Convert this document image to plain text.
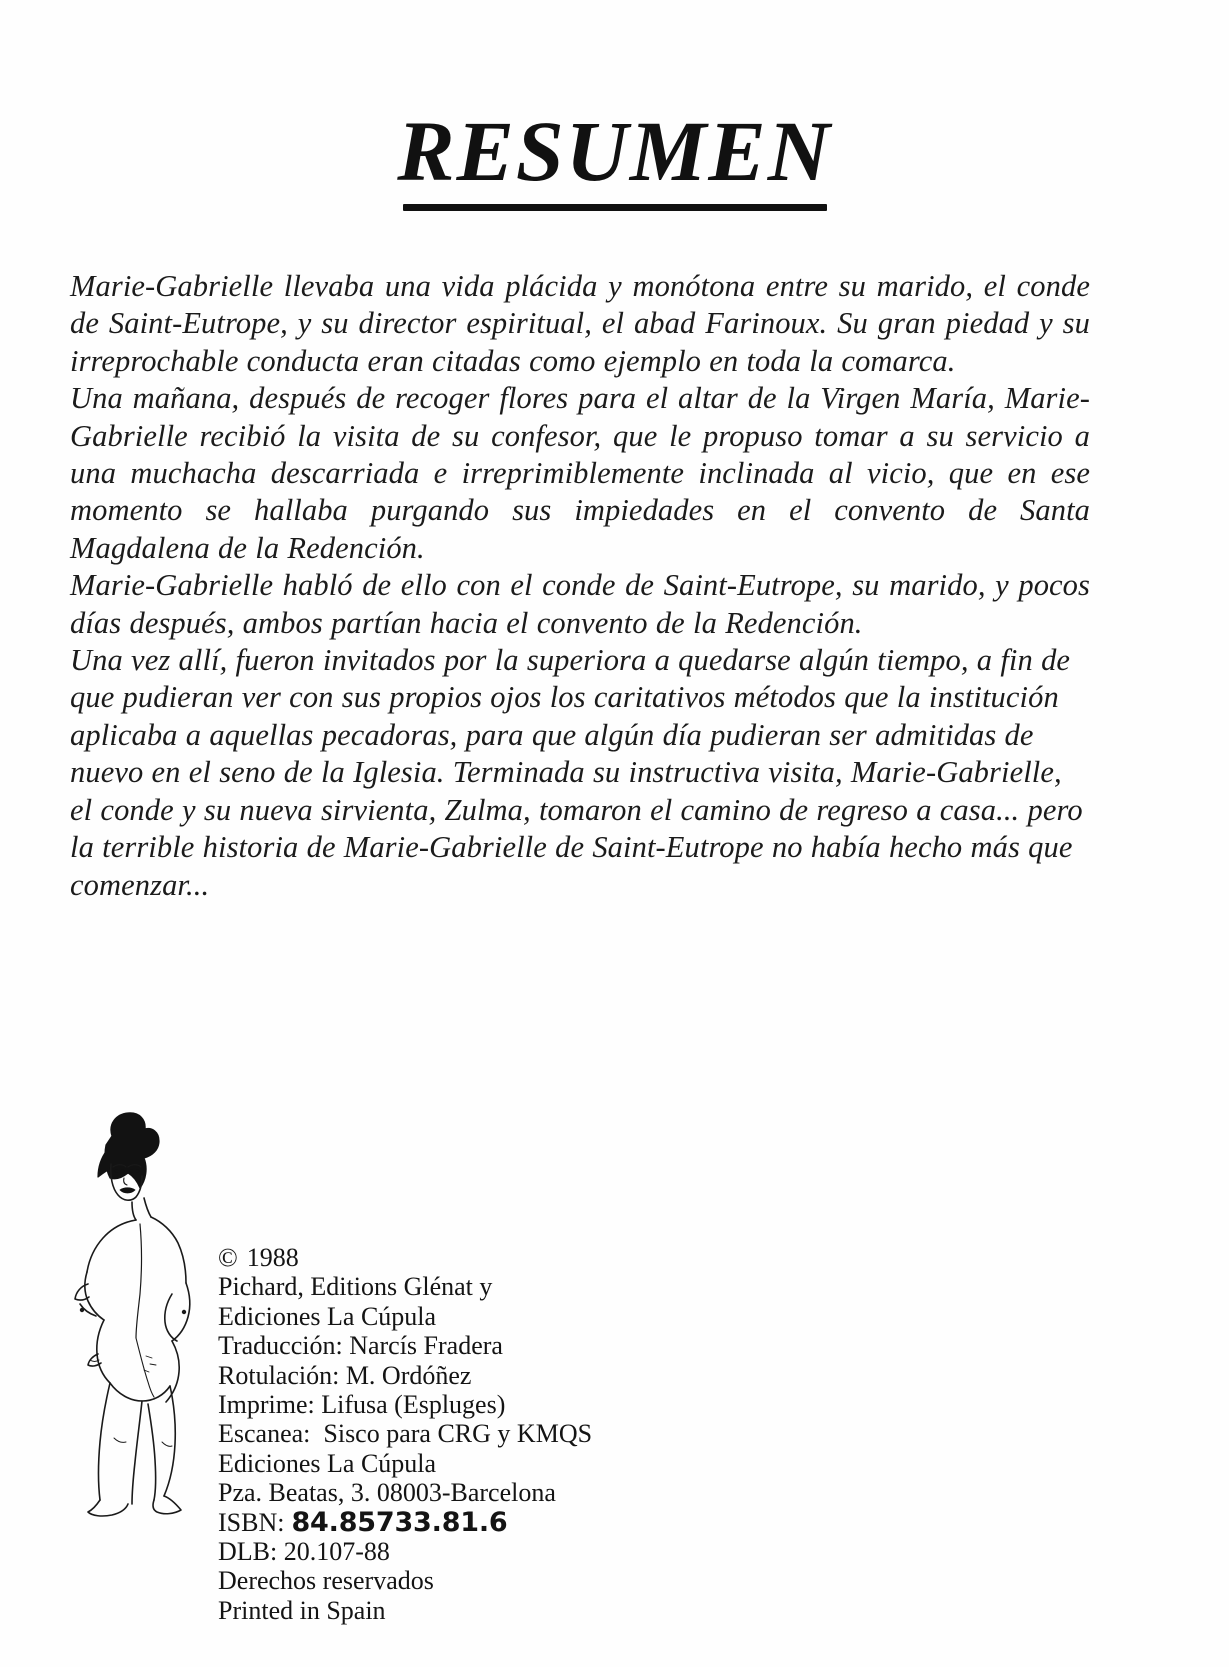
RESUMEN

Marie-Gabrielle llevaba una vida plácida y monótona entre su marido, el conde de Saint-Eutrope, y su director espiritual, el abad Farinoux. Su gran piedad y su irreprochable conducta eran citadas como ejemplo en toda la comarca.

Una mañana, después de recoger flores para el altar de la Virgen María, Marie-Gabrielle recibió la visita de su confesor, que le propuso tomar a su servicio a una muchacha descarriada e irreprimiblemente inclinada al vicio, que en ese momento se hallaba purgando sus impiedades en el convento de Santa Magdalena de la Redención.

Marie-Gabrielle habló de ello con el conde de Saint-Eutrope, su marido, y pocos días después, ambos partían hacia el convento de la Redención.

Una vez allí, fueron invitados por la superiora a quedarse algún tiempo, a fin de que pudieran ver con sus propios ojos los caritativos métodos que la institución aplicaba a aquellas pecadoras, para que algún día pudieran ser admitidas de nuevo en el seno de la Iglesia. Terminada su instructiva visita, Marie-Gabrielle, el conde y su nueva sirvienta, Zulma, tomaron el camino de regreso a casa... pero la terrible historia de Marie-Gabrielle de Saint-Eutrope no había hecho más que comenzar...

© 1988
Pichard, Editions Glénat y
Ediciones La Cúpula
Traducción: Narcís Fradera
Rotulación: M. Ordóñez
Imprime: Lifusa (Espluges)
Escanea:  Sisco para CRG y KMQS
Ediciones La Cúpula
Pza. Beatas, 3. 08003-Barcelona
ISBN: 84.85733.81.6
DLB: 20.107-88
Derechos reservados
Printed in Spain
